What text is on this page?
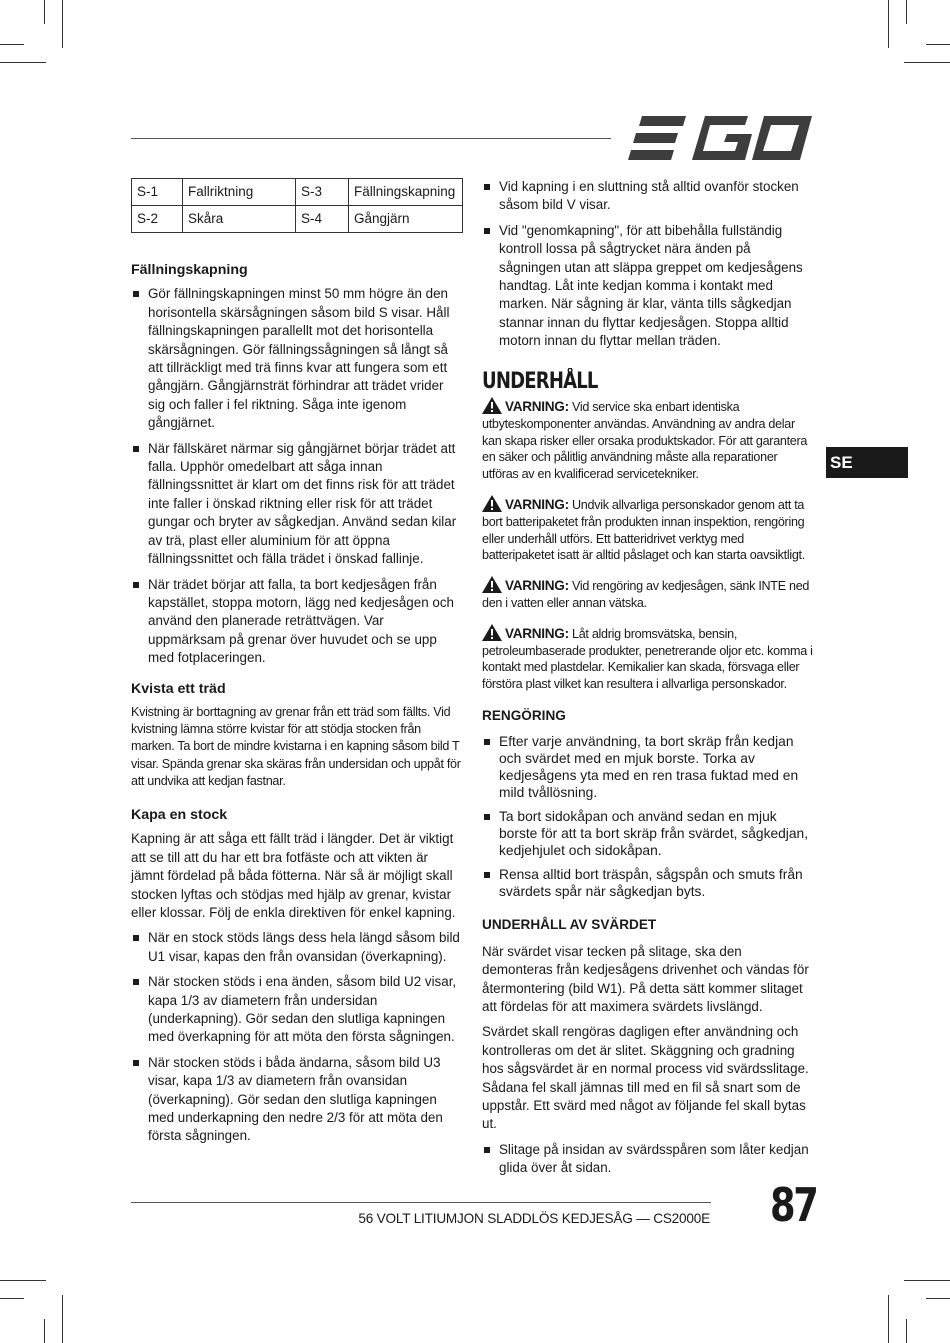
S-1	Fallriktning	S-3	Fällningskapning
S-2	Skåra	S-4	Gångjärn
Fällningskapning
Gör fällningskapningen minst 50 mm högre än den horisontella skärsågningen såsom bild S visar. Håll fällningskapningen parallellt mot det horisontella skärsågningen. Gör fällningssågningen så långt så att tillräckligt med trä finns kvar att fungera som ett gångjärn. Gångjärnsträt förhindrar att trädet vrider sig och faller i fel riktning. Såga inte igenom gångjärnet.
När fällskäret närmar sig gångjärnet börjar trädet att falla. Upphör omedelbart att såga innan fällningssnittet är klart om det finns risk för att trädet inte faller i önskad riktning eller risk för att trädet gungar och bryter av sågkedjan. Använd sedan kilar av trä, plast eller aluminium för att öppna fällningssnittet och fälla trädet i önskad fallinje.
När trädet börjar att falla, ta bort kedjesågen från kapstället, stoppa motorn, lägg ned kedjesågen och använd den planerade reträttvägen. Var uppmärksam på grenar över huvudet och se upp med fotplaceringen.
Kvista ett träd

Kvistning är borttagning av grenar från ett träd som fällts. Vid kvistning lämna större kvistar för att stödja stocken från marken. Ta bort de mindre kvistarna i en kapning såsom bild T visar. Spända grenar ska skäras från undersidan och uppåt för att undvika att kedjan fastnar.

Kapa en stock

Kapning är att såga ett fällt träd i längder. Det är viktigt att se till att du har ett bra fotfäste och att vikten är jämnt fördelad på båda fötterna. När så är möjligt skall stocken lyftas och stödjas med hjälp av grenar, kvistar eller klossar. Följ de enkla direktiven för enkel kapning.

När en stock stöds längs dess hela längd såsom bild U1 visar, kapas den från ovansidan (överkapning).
När stocken stöds i ena änden, såsom bild U2 visar, kapa 1/3 av diametern från undersidan (underkapning). Gör sedan den slutliga kapningen med överkapning för att möta den första sågningen.
När stocken stöds i båda ändarna, såsom bild U3 visar, kapa 1/3 av diametern från ovansidan (överkapning). Gör sedan den slutliga kapningen med underkapning den nedre 2/3 för att möta den första sågningen.
Vid kapning i en sluttning stå alltid ovanför stocken såsom bild V visar.
Vid "genomkapning", för att bibehålla fullständig kontroll lossa på sågtrycket nära änden på sågningen utan att släppa greppet om kedjesågens handtag. Låt inte kedjan komma i kontakt med marken. När sågning är klar, vänta tills sågkedjan stannar innan du flyttar kedjesågen. Stoppa alltid motorn innan du flyttar mellan träden.
UNDERHÅLL
VARNING: Vid service ska enbart identiska utbyteskomponenter användas. Användning av andra delar kan skapa risker eller orsaka produktskador. För att garantera en säker och pålitlig användning måste alla reparationer utföras av en kvalificerad servicetekniker.
VARNING: Undvik allvarliga personskador genom att ta bort batteripaketet från produkten innan inspektion, rengöring eller underhåll utförs. Ett batteridrivet verktyg med batteripaketet isatt är alltid påslaget och kan starta oavsiktligt.
VARNING: Vid rengöring av kedjesågen, sänk INTE ned den i vatten eller annan vätska.
VARNING: Låt aldrig bromsvätska, bensin, petroleumbaserade produkter, penetrerande oljor etc. komma i kontakt med plastdelar. Kemikalier kan skada, försvaga eller förstöra plast vilket kan resultera i allvarliga personskador.
RENGÖRING
Efter varje användning, ta bort skräp från kedjan och svärdet med en mjuk borste. Torka av kedjesågens yta med en ren trasa fuktad med en mild tvållösning.
Ta bort sidokåpan och använd sedan en mjuk borste för att ta bort skräp från svärdet, sågkedjan, kedjehjulet och sidokåpan.
Rensa alltid bort träspån, sågspån och smuts från svärdets spår när sågkedjan byts.
UNDERHÅLL AV SVÄRDET

När svärdet visar tecken på slitage, ska den demonteras från kedjesågens drivenhet och vändas för återmontering (bild W1). På detta sätt kommer slitaget att fördelas för att maximera svärdets livslängd.

Svärdet skall rengöras dagligen efter användning och kontrolleras om det är slitet. Skäggning och gradning hos sågsvärdet är en normal process vid svärdsslitage. Sådana fel skall jämnas till med en fil så snart som de uppstår. Ett svärd med något av följande fel skall bytas ut.

Slitage på insidan av svärdsspåren som låter kedjan glida över åt sidan.
SE
56 VOLT LITIUMJON SLADDLÖS KEDJESÅG — CS2000E 87
